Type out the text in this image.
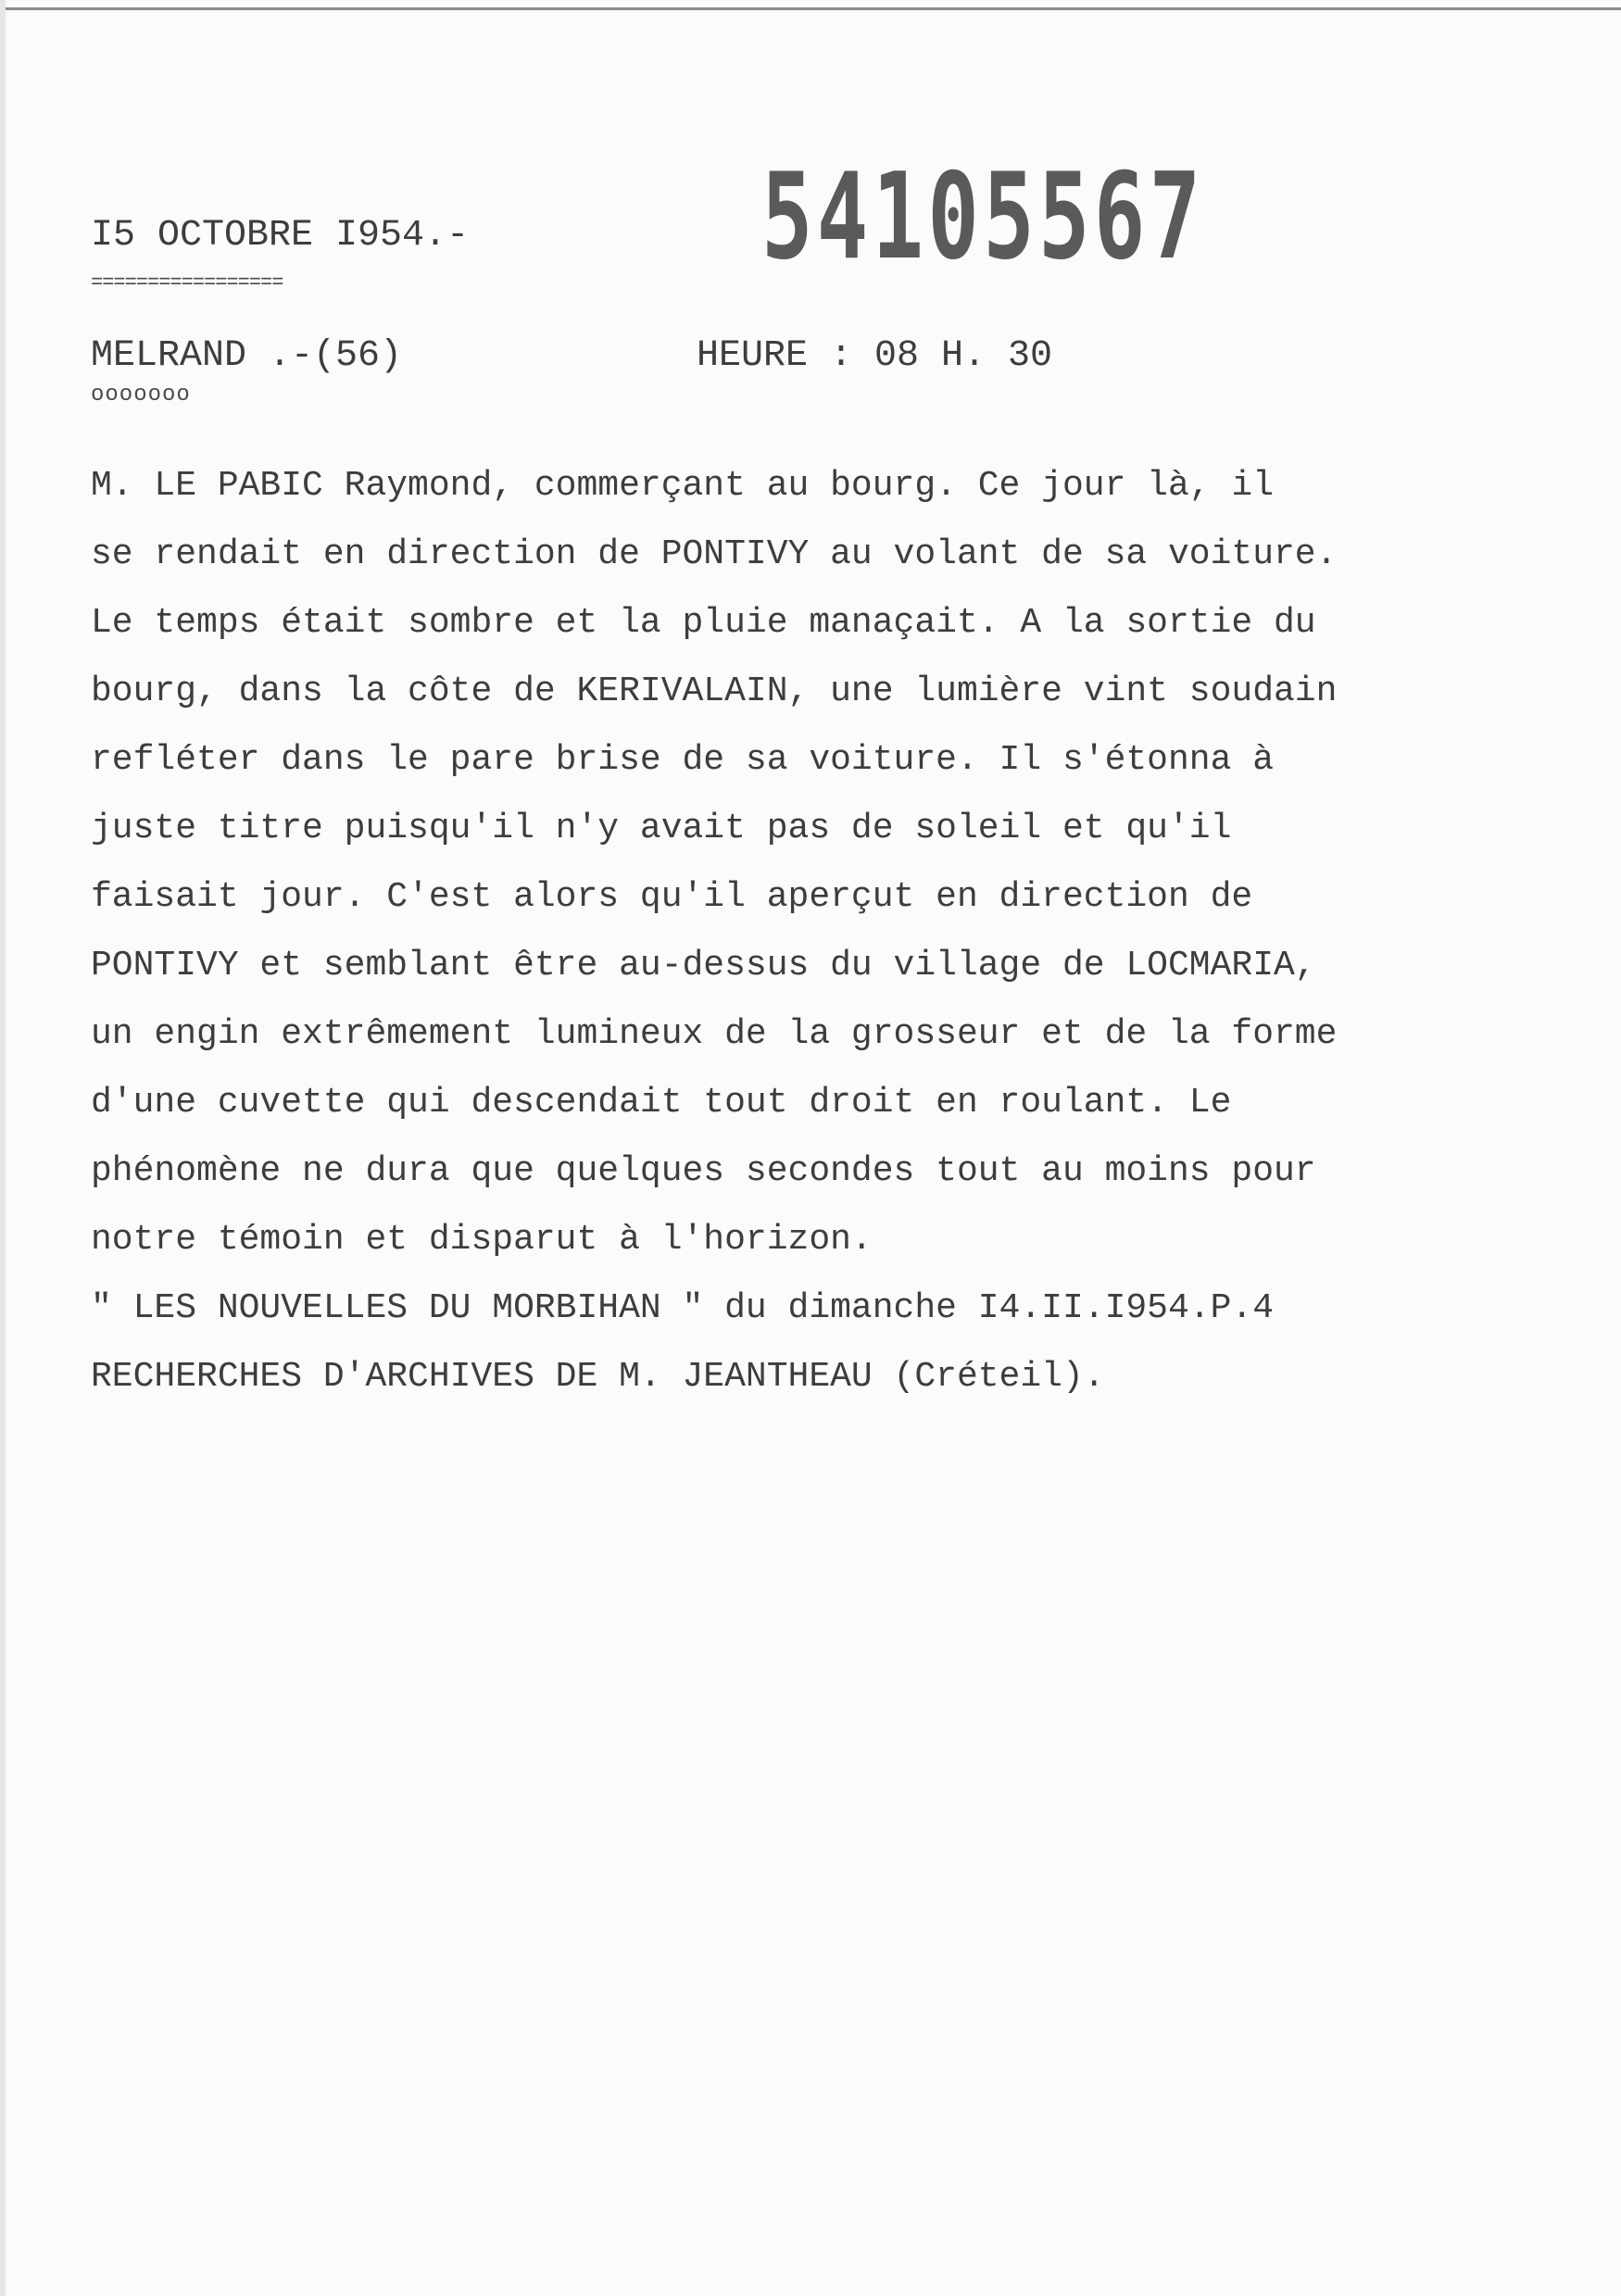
I5 OCTOBRE I954.-
=================	54105567
MELRAND .-(56)
ooooooo
HEURE : 08 H. 30
M. LE PABIC Raymond, commerçant au bourg. Ce jour là, il
se rendait en direction de PONTIVY au volant de sa voiture.
Le temps était sombre et la pluie manaçait. A la sortie du
bourg, dans la côte de KERIVALAIN, une lumière vint soudain
refléter dans le pare brise de sa voiture. Il s'étonna à
juste titre puisqu'il n'y avait pas de soleil et qu'il
faisait jour. C'est alors qu'il aperçut en direction de
PONTIVY et semblant être au-dessus du village de LOCMARIA,
un engin extrêmement lumineux de la grosseur et de la forme
d'une cuvette qui descendait tout droit en roulant. Le
phénomène ne dura que quelques secondes tout au moins pour
notre témoin et disparut à l'horizon.
" LES NOUVELLES DU MORBIHAN " du dimanche I4.II.I954.P.4
RECHERCHES D'ARCHIVES DE M. JEANTHEAU (Créteil).
